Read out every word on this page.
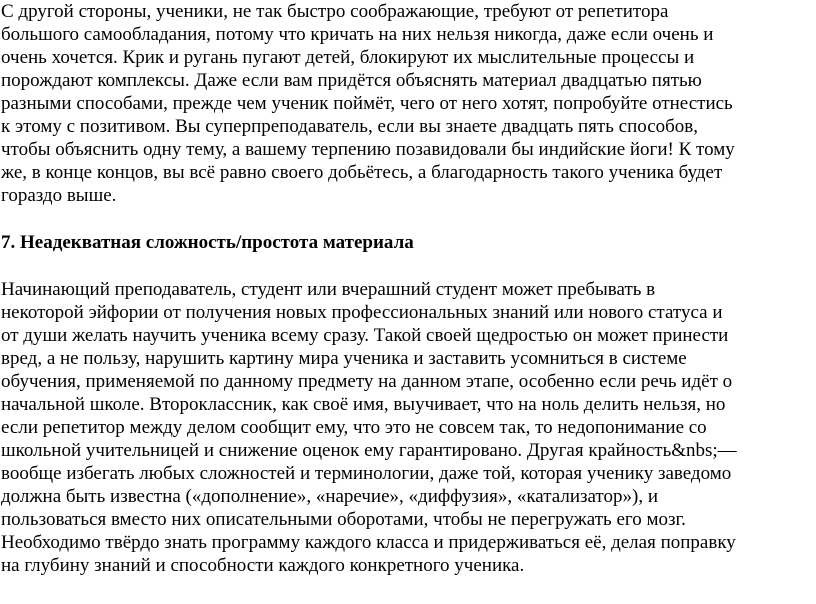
С другой стороны, ученики, не так быстро соображающие, требуют от репетитора
большого самообладания, потому что кричать на них нельзя никогда, даже если очень и
очень хочется. Крик и ругань пугают детей, блокируют их мыслительные процессы и
порождают комплексы. Даже если вам придётся объяснять материал двадцатью пятью
разными способами, прежде чем ученик поймёт, чего от него хотят, попробуйте отнестись
к этому с позитивом. Вы суперпреподаватель, если вы знаете двадцать пять способов,
чтобы объяснить одну тему, а вашему терпению позавидовали бы индийские йоги! К тому
же, в конце концов, вы всё равно своего добьётесь, а благодарность такого ученика будет
гораздо выше.
7. Неадекватная сложность/простота материала
Начинающий преподаватель, студент или вчерашний студент может пребывать в
некоторой эйфории от получения новых профессиональных знаний или нового статуса и
от души желать научить ученика всему сразу. Такой своей щедростью он может принести
вред, а не пользу, нарушить картину мира ученика и заставить усомниться в системе
обучения, применяемой по данному предмету на данном этапе, особенно если речь идёт о
начальной школе. Второклассник, как своё имя, выучивает, что на ноль делить нельзя, но
если репетитор между делом сообщит ему, что это не совсем так, то недопонимание со
школьной учительницей и снижение оценок ему гарантировано. Другая крайность&nbs;—
вообще избегать любых сложностей и терминологии, даже той, которая ученику заведомо
должна быть известна («дополнение», «наречие», «диффузия», «катализатор»), и
пользоваться вместо них описательными оборотами, чтобы не перегружать его мозг.
Необходимо твёрдо знать программу каждого класса и придерживаться её, делая поправку
на глубину знаний и способности каждого конкретного ученика.
